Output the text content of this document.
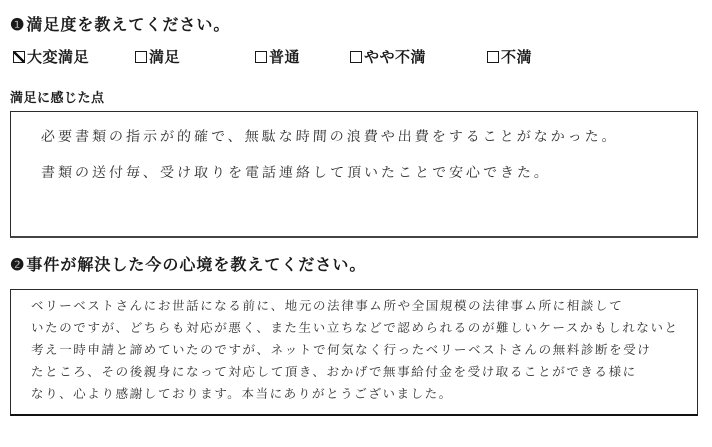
❶満足度を教えてください。
大変満足	満足	普通	やや不満	不満
満足に感じた点
必要書類の指示が的確で、無駄な時間の浪費や出費をすることがなかった。
書類の送付毎、受け取りを電話連絡して頂いたことで安心できた。
❷事件が解決した今の心境を教えてください。
ベリーベストさんにお世話になる前に、地元の法律事ム所や全国規模の法律事ム所に相談して
いたのですが、どちらも対応が悪く、また生い立ちなどで認められるのが難しいケースかもしれないと
考え一時申請と諦めていたのですが、ネットで何気なく行ったベリーベストさんの無料診断を受け
たところ、その後親身になって対応して頂き、おかげで無事給付金を受け取ることができる様に
なり、心より感謝しております。本当にありがとうございました。
